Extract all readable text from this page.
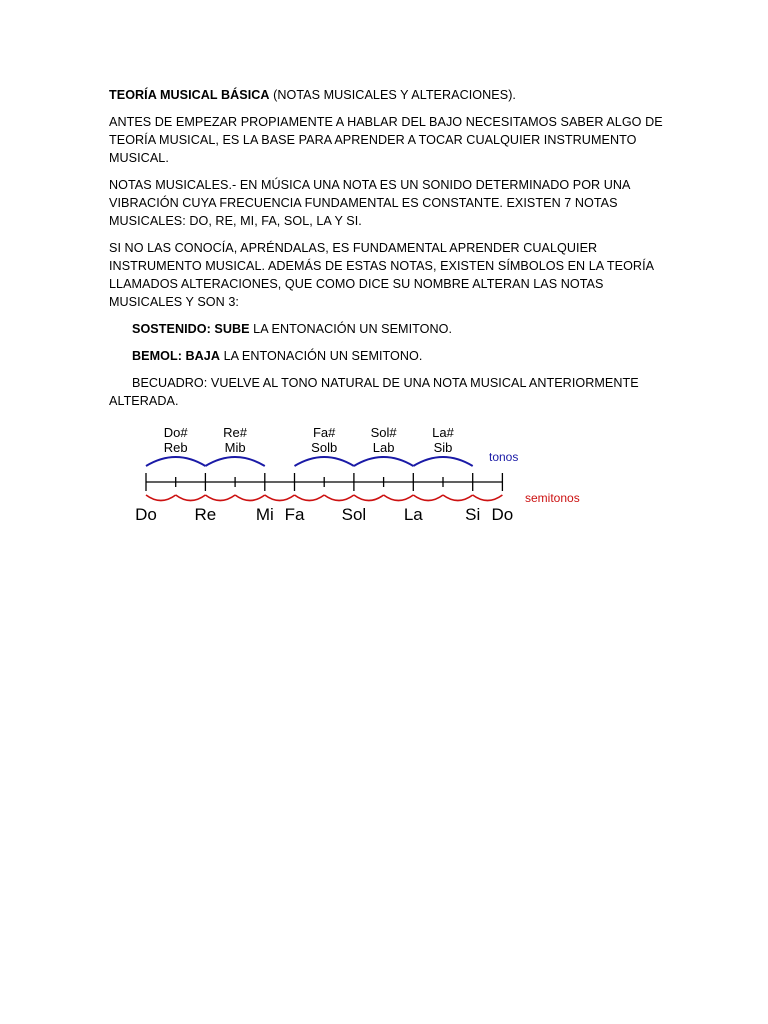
TEORÍA MUSICAL BÁSICA (NOTAS MUSICALES Y ALTERACIONES).

ANTES DE EMPEZAR PROPIAMENTE A HABLAR DEL BAJO NECESITAMOS SABER ALGO DE TEORÍA MUSICAL, ES LA BASE PARA APRENDER A TOCAR CUALQUIER INSTRUMENTO MUSICAL.

NOTAS MUSICALES.- EN MÚSICA UNA NOTA ES UN SONIDO DETERMINADO POR UNA VIBRACIÓN CUYA FRECUENCIA FUNDAMENTAL ES CONSTANTE. EXISTEN 7 NOTAS MUSICALES: DO, RE, MI, FA, SOL, LA Y SI.

SI NO LAS CONOCÍA, APRÉNDALAS, ES FUNDAMENTAL APRENDER CUALQUIER INSTRUMENTO MUSICAL. ADEMÁS DE ESTAS NOTAS, EXISTEN SÍMBOLOS EN LA TEORÍA LLAMADOS ALTERACIONES, QUE COMO DICE SU NOMBRE ALTERAN LAS NOTAS MUSICALES Y SON 3:

SOSTENIDO: SUBE LA ENTONACIÓN UN SEMITONO.

BEMOL: BAJA LA ENTONACIÓN UN SEMITONO.

BECUADRO: VUELVE AL TONO NATURAL DE UNA NOTA MUSICAL ANTERIORMENTE ALTERADA.

Do Re Mi Fa Sol La Si Do
Do#
Reb
Re#
Mib
Fa#
Solb
Sol#
Lab
La#
Sib
tonos
semitonos
